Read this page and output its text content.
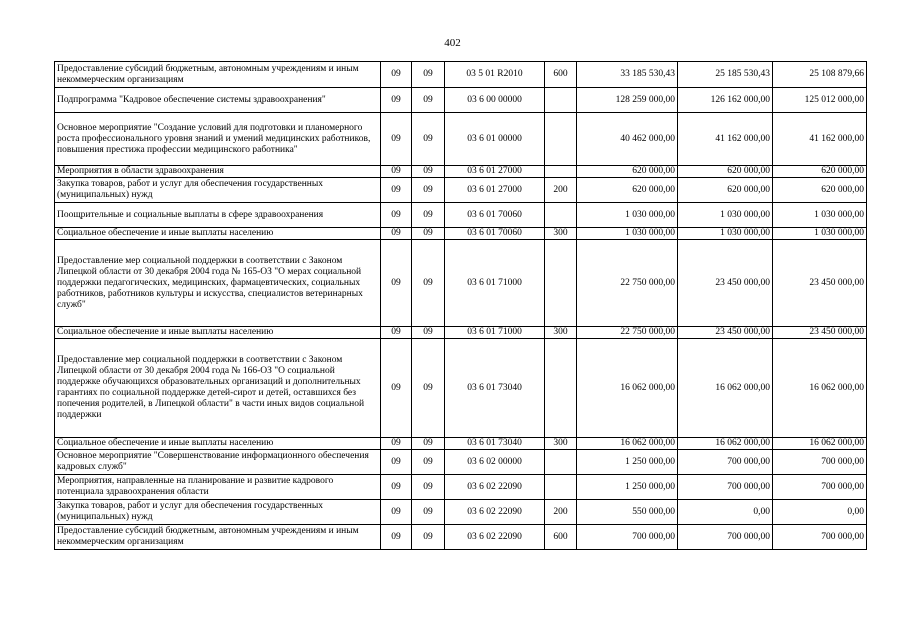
402
Предоставление субсидий бюджетным, автономным учреждениям и иным некоммерческим организациям	09	09	03 5 01 R2010	600	33 185 530,43	25 185 530,43	25 108 879,66
Подпрограмма "Кадровое обеспечение системы здравоохранения"	09	09	03 6 00 00000		128 259 000,00	126 162 000,00	125 012 000,00
Основное мероприятие "Создание условий для подготовки и планомерного роста профессионального уровня знаний и умений медицинских работников, повышения престижа профессии медицинского работника"	09	09	03 6 01 00000		40 462 000,00	41 162 000,00	41 162 000,00
Мероприятия в области здравоохранения	09	09	03 6 01 27000		620 000,00	620 000,00	620 000,00
Закупка товаров, работ и услуг для обеспечения государственных (муниципальных) нужд	09	09	03 6 01 27000	200	620 000,00	620 000,00	620 000,00
Поощрительные и социальные выплаты в сфере здравоохранения	09	09	03 6 01 70060		1 030 000,00	1 030 000,00	1 030 000,00
Социальное обеспечение и иные выплаты населению	09	09	03 6 01 70060	300	1 030 000,00	1 030 000,00	1 030 000,00
Предоставление мер социальной поддержки в соответствии с Законом Липецкой области от 30 декабря 2004 года № 165-ОЗ "О мерах социальной поддержки педагогических, медицинских, фармацевтических, социальных работников, работников культуры и искусства, специалистов ветеринарных служб"	09	09	03 6 01 71000		22 750 000,00	23 450 000,00	23 450 000,00
Социальное обеспечение и иные выплаты населению	09	09	03 6 01 71000	300	22 750 000,00	23 450 000,00	23 450 000,00
Предоставление мер социальной поддержки в соответствии с Законом Липецкой области от 30 декабря 2004 года № 166-ОЗ "О социальной поддержке обучающихся образовательных организаций и дополнительных гарантиях по социальной поддержке детей-сирот и детей, оставшихся без попечения родителей, в Липецкой области" в части иных видов социальной поддержки	09	09	03 6 01 73040		16 062 000,00	16 062 000,00	16 062 000,00
Социальное обеспечение и иные выплаты населению	09	09	03 6 01 73040	300	16 062 000,00	16 062 000,00	16 062 000,00
Основное мероприятие "Совершенствование информационного обеспечения кадровых служб"	09	09	03 6 02 00000		1 250 000,00	700 000,00	700 000,00
Мероприятия, направленные на планирование и развитие кадрового потенциала здравоохранения области	09	09	03 6 02 22090		1 250 000,00	700 000,00	700 000,00
Закупка товаров, работ и услуг для обеспечения государственных (муниципальных) нужд	09	09	03 6 02 22090	200	550 000,00	0,00	0,00
Предоставление субсидий бюджетным, автономным учреждениям и иным некоммерческим организациям	09	09	03 6 02 22090	600	700 000,00	700 000,00	700 000,00
